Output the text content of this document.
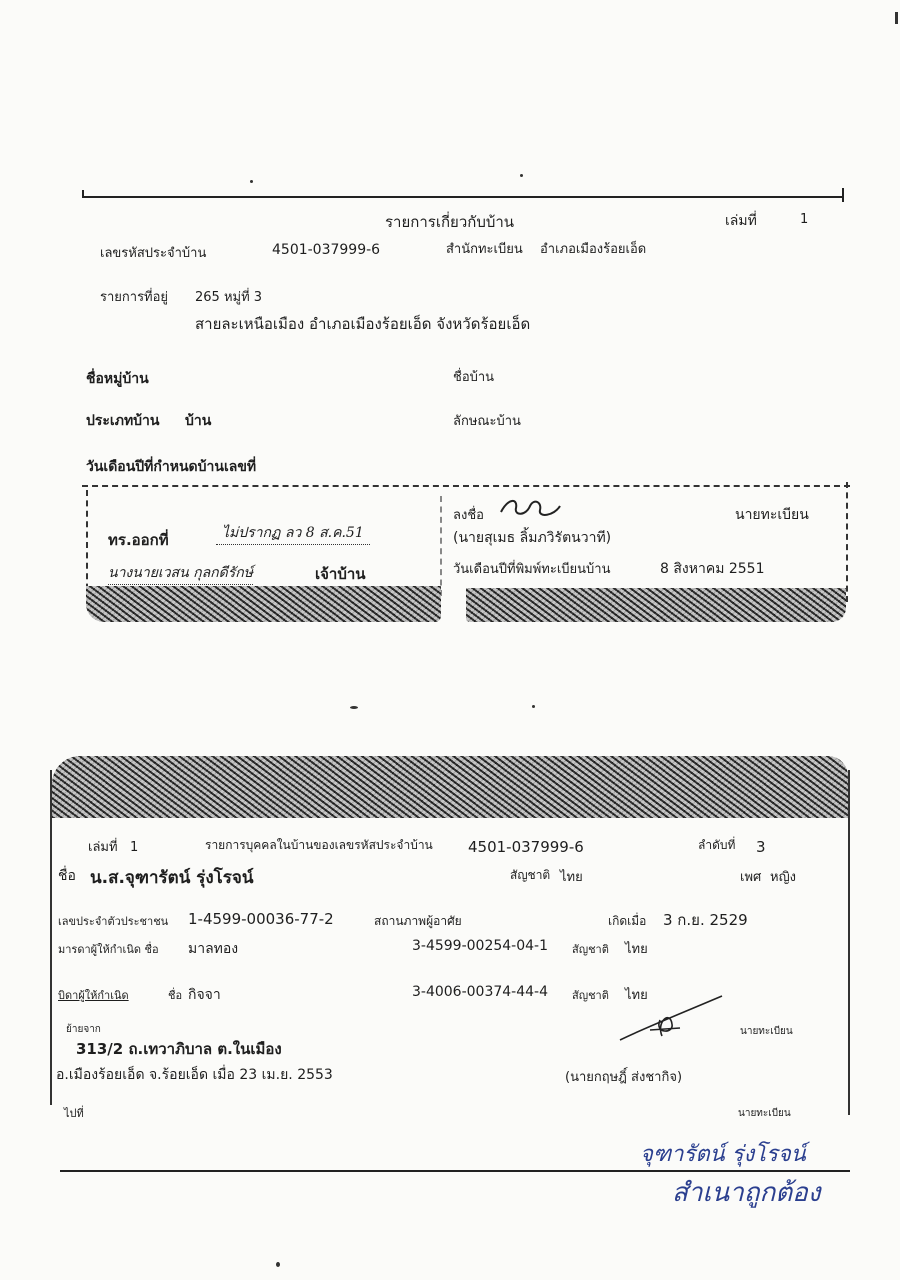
รายการเกี่ยวกับบ้าน	เล่มที่	1
เลขรหัสประจำบ้าน	4501-037999-6	สำนักทะเบียน อำเภอเมืองร้อยเอ็ด
รายการที่อยู่ 265 หมู่ที่ 3
สายละเหนือเมือง อำเภอเมืองร้อยเอ็ด จังหวัดร้อยเอ็ด
ชื่อหมู่บ้าน	ชื่อบ้าน
ประเภทบ้าน บ้าน	ลักษณะบ้าน
วันเดือนปีที่กำหนดบ้านเลขที่
ทร.ออกที่	ไม่ปรากฏ ลว 8 ส.ค.51
นางนายเวสน กุลกดีรักษ์	เจ้าบ้าน
ลงชื่อ	นายทะเบียน
(นายสุเมธ ลิ้มภวิรัตนวาที)
วันเดือนปีที่พิมพ์ทะเบียนบ้าน	8 สิงหาคม 2551
เล่มที่ 1	รายการบุคคลในบ้านของเลขรหัสประจำบ้าน 4501-037999-6	ลำดับที่ 3
ชื่อ น.ส.จุฑารัตน์ รุ่งโรจน์	สัญชาติ ไทย	เพศ หญิง
เลขประจำตัวประชาชน 1-4599-00036-77-2	สถานภาพผู้อาศัย	เกิดเมื่อ 3 ก.ย. 2529
มารดาผู้ให้กำเนิด ชื่อ มาลทอง	3-4599-00254-04-1 สัญชาติ ไทย
บิดาผู้ให้กำเนิด	ชื่อ กิจจา	3-4006-00374-44-4 สัญชาติ ไทย
ย้ายจาก
313/2 ถ.เทวาภิบาล ต.ในเมือง
อ.เมืองร้อยเอ็ด จ.ร้อยเอ็ด เมื่อ 23 เม.ย. 2553
นายทะเบียน
(นายกฤษฎิ์ ส่งชากิจ)
ไปที่	นายทะเบียน
จุฑารัตน์ รุ่งโรจน์
สำเนาถูกต้อง
